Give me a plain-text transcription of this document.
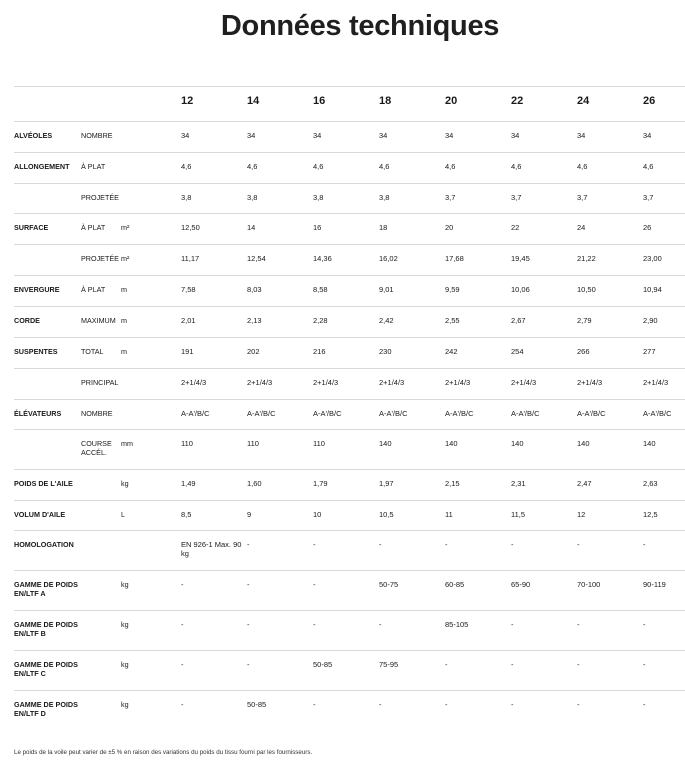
Données techniques
			12	14	16	18	20	22	24	26
ALVÉOLES	NOMBRE		34	34	34	34	34	34	34	34
ALLONGEMENT	À PLAT		4,6	4,6	4,6	4,6	4,6	4,6	4,6	4,6
	PROJETÉE		3,8	3,8	3,8	3,8	3,7	3,7	3,7	3,7
SURFACE	À PLAT	m²	12,50	14	16	18	20	22	24	26
	PROJETÉE	m²	11,17	12,54	14,36	16,02	17,68	19,45	21,22	23,00
ENVERGURE	À PLAT	m	7,58	8,03	8,58	9,01	9,59	10,06	10,50	10,94
CORDE	MAXIMUM	m	2,01	2,13	2,28	2,42	2,55	2,67	2,79	2,90
SUSPENTES	TOTAL	m	191	202	216	230	242	254	266	277
	PRINCIPAL		2+1/4/3	2+1/4/3	2+1/4/3	2+1/4/3	2+1/4/3	2+1/4/3	2+1/4/3	2+1/4/3
ÉLÉVATEURS	NOMBRE		A-A'/B/C	A-A'/B/C	A-A'/B/C	A-A'/B/C	A-A'/B/C	A-A'/B/C	A-A'/B/C	A-A'/B/C
	COURSE ACCÉL.	mm	110	110	110	140	140	140	140	140
POIDS DE L'AILE		kg	1,49	1,60	1,79	1,97	2,15	2,31	2,47	2,63
VOLUM D'AILE		L	8,5	9	10	10,5	11	11,5	12	12,5
HOMOLOGATION			EN 926-1 Max. 90 kg	-	-	-	-	-	-	-
GAMME DE POIDS EN/LTF A		kg	-	-	-	50-75	60-85	65-90	70-100	90-119
GAMME DE POIDS EN/LTF B		kg	-	-	-	-	85-105	-	-	-
GAMME DE POIDS EN/LTF C		kg	-	-	50-85	75-95	-	-	-	-
GAMME DE POIDS EN/LTF D		kg	-	50-85	-	-	-	-	-	-
Le poids de la voile peut varier de ±5 % en raison des variations du poids du tissu fourni par les fournisseurs.
